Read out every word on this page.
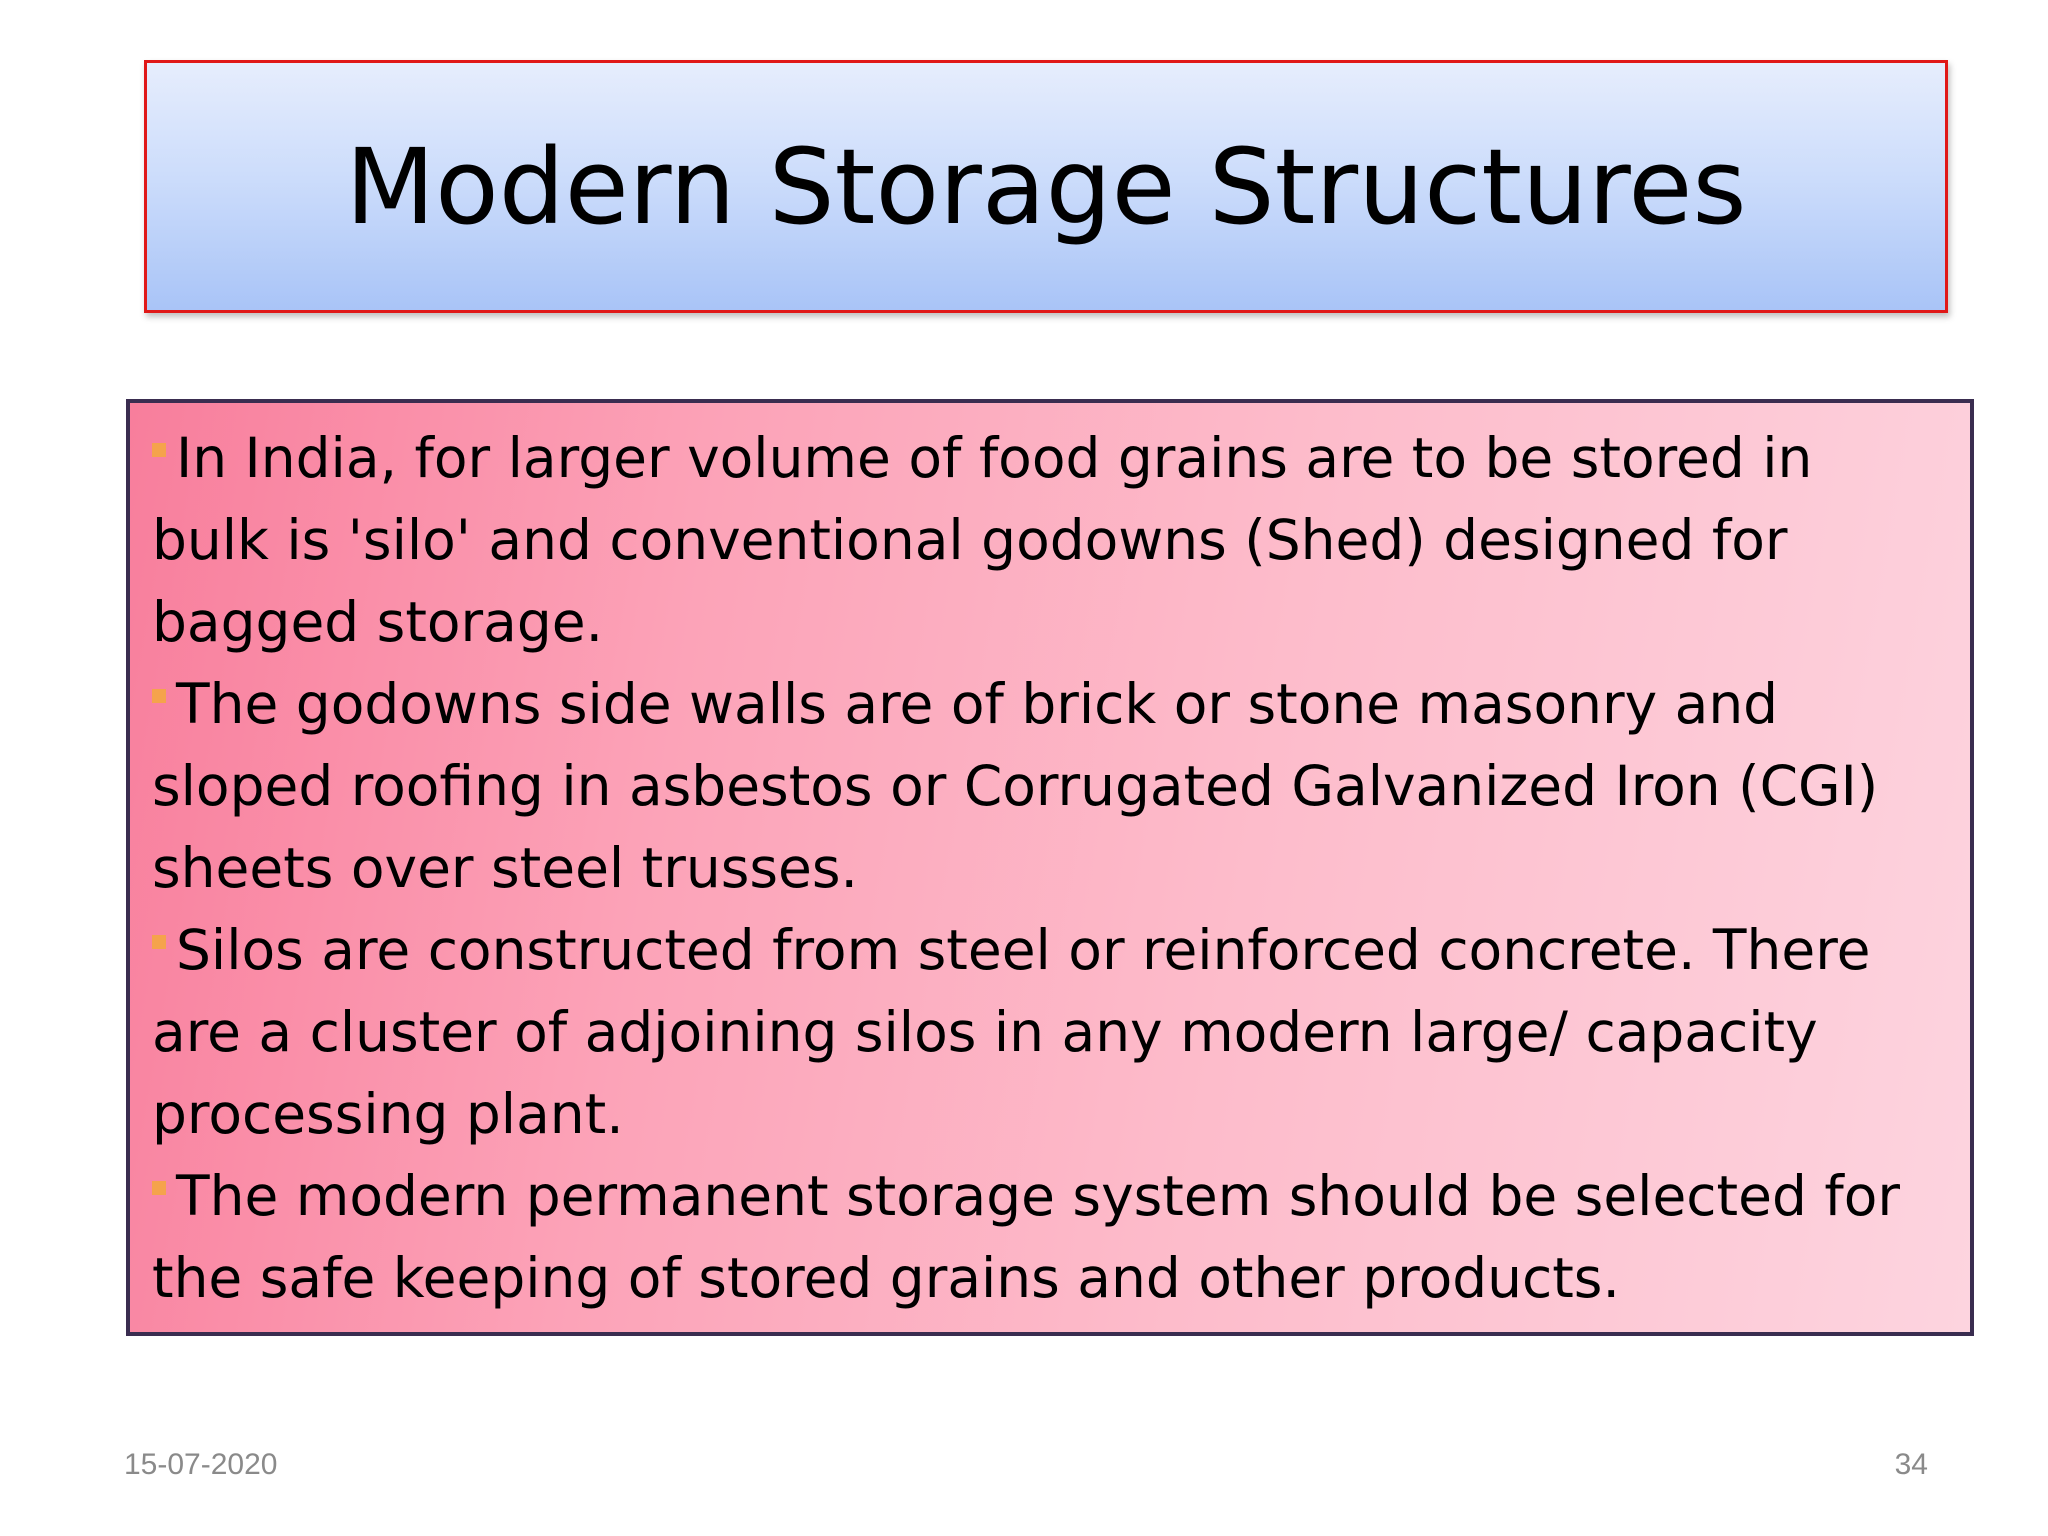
Modern Storage Structures
In India, for larger volume of food grains are to be stored in bulk is 'silo' and conventional godowns (Shed) designed for bagged storage.
The godowns side walls are of brick or stone masonry and sloped roofing in asbestos or Corrugated Galvanized Iron (CGI) sheets over steel trusses.
Silos are constructed from steel or reinforced concrete. There are a cluster of adjoining silos in any modern large/ capacity processing plant.
The modern permanent storage system should be selected for the safe keeping of stored grains and other products.
15-07-2020	34
